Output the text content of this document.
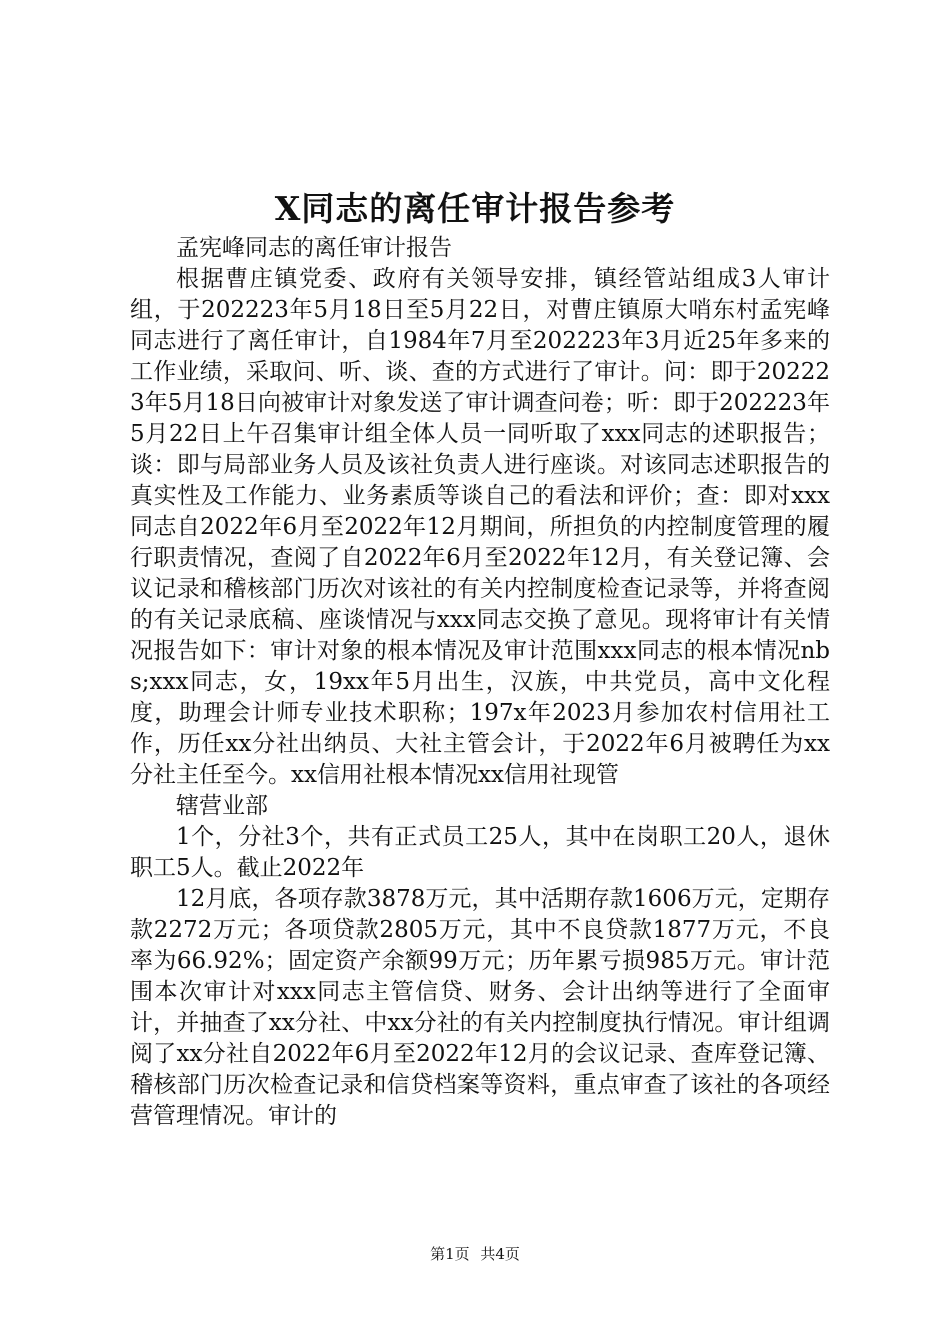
X同志的离任审计报告参考

孟宪峰同志的离任审计报告

根据曹庄镇党委、政府有关领导安排，镇经管站组成3人审计组，于202223年5月18日至5月22日，对曹庄镇原大哨东村孟宪峰同志进行了离任审计，自1984年7月至202223年3月近25年多来的工作业绩，采取问、听、谈、查的方式进行了审计。问：即于202223年5月18日向被审计对象发送了审计调查问卷；听：即于202223年5月22日上午召集审计组全体人员一同听取了xxx同志的述职报告；谈：即与局部业务人员及该社负责人进行座谈。对该同志述职报告的真实性及工作能力、业务素质等谈自己的看法和评价；查：即对xxx同志自2022年6月至2022年12月期间，所担负的内控制度管理的履行职责情况，查阅了自2022年6月至2022年12月，有关登记簿、会议记录和稽核部门历次对该社的有关内控制度检查记录等，并将查阅的有关记录底稿、座谈情况与xxx同志交换了意见。现将审计有关情况报告如下：审计对象的根本情况及审计范围xxx同志的根本情况nbs;xxx同志，女，19xx年5月出生，汉族，中共党员，高中文化程度，助理会计师专业技术职称；197x年2023月参加农村信用社工作，历任xx分社出纳员、大社主管会计，于2022年6月被聘任为xx分社主任至今。xx信用社根本情况xx信用社现管

辖营业部

1个，分社3个，共有正式员工25人，其中在岗职工20人，退休职工5人。截止2022年

12月底，各项存款3878万元，其中活期存款1606万元，定期存款2272万元；各项贷款2805万元，其中不良贷款1877万元，不良率为66.92%；固定资产余额99万元；历年累亏损985万元。审计范围本次审计对xxx同志主管信贷、财务、会计出纳等进行了全面审计，并抽查了xx分社、中xx分社的有关内控制度执行情况。审计组调阅了xx分社自2022年6月至2022年12月的会议记录、查库登记簿、稽核部门历次检查记录和信贷档案等资料，重点审查了该社的各项经营管理情况。审计的

第1页 共4页
